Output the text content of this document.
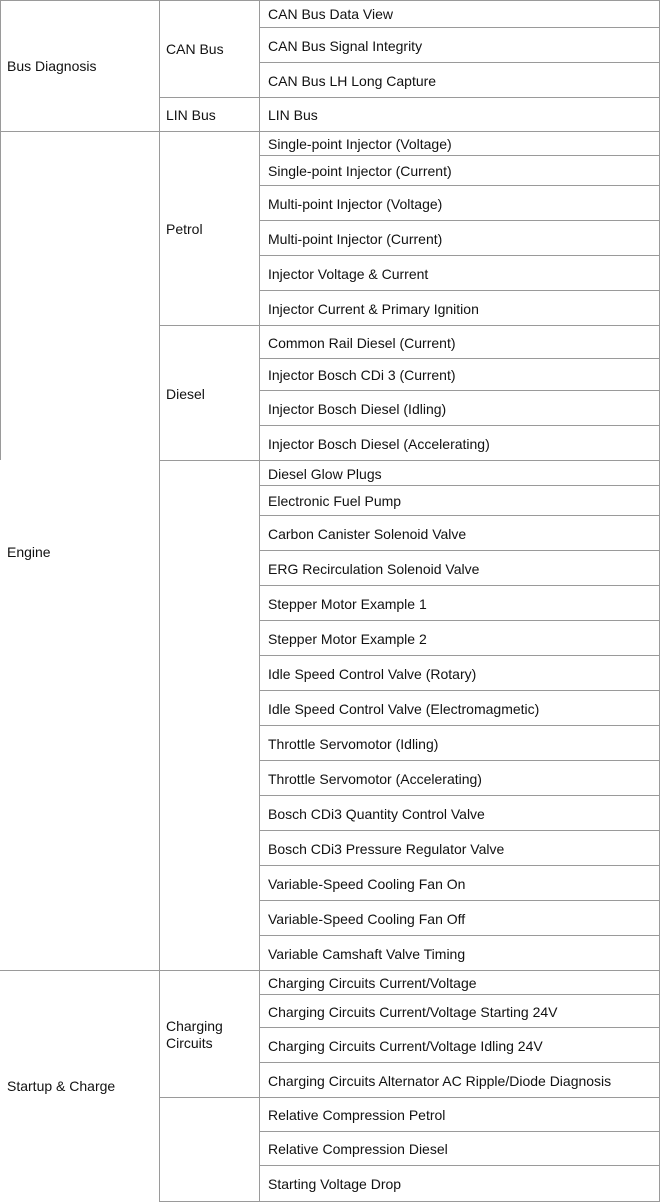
CAN Bus Data View
CAN Bus Signal Integrity
CAN Bus LH Long Capture
CAN Bus
LIN Bus
LIN Bus
Bus Diagnosis
Single-point Injector (Voltage)
Single-point Injector (Current)
Multi-point Injector (Voltage)
Multi-point Injector (Current)
Injector Voltage & Current
Injector Current & Primary Ignition
Petrol
Common Rail Diesel (Current)
Injector Bosch CDi 3 (Current)
Injector Bosch Diesel (Idling)
Injector Bosch Diesel (Accelerating)
Diesel
Diesel Glow Plugs
Electronic Fuel Pump
Carbon Canister Solenoid Valve
ERG Recirculation Solenoid Valve
Stepper Motor Example 1
Stepper Motor Example 2
Idle Speed Control Valve (Rotary)
Idle Speed Control Valve (Electromagmetic)
Throttle Servomotor (Idling)
Throttle Servomotor (Accelerating)
Bosch CDi3 Quantity Control Valve
Bosch CDi3 Pressure Regulator Valve
Variable-Speed Cooling Fan On
Variable-Speed Cooling Fan Off
Variable Camshaft Valve Timing
Engine
Charging Circuits Current/Voltage
Charging Circuits Current/Voltage Starting 24V
Charging Circuits Current/Voltage Idling 24V
Charging Circuits Alternator AC Ripple/Diode Diagnosis
Charging Circuits
Relative Compression Petrol
Relative Compression Diesel
Starting Voltage Drop
Startup & Charge
